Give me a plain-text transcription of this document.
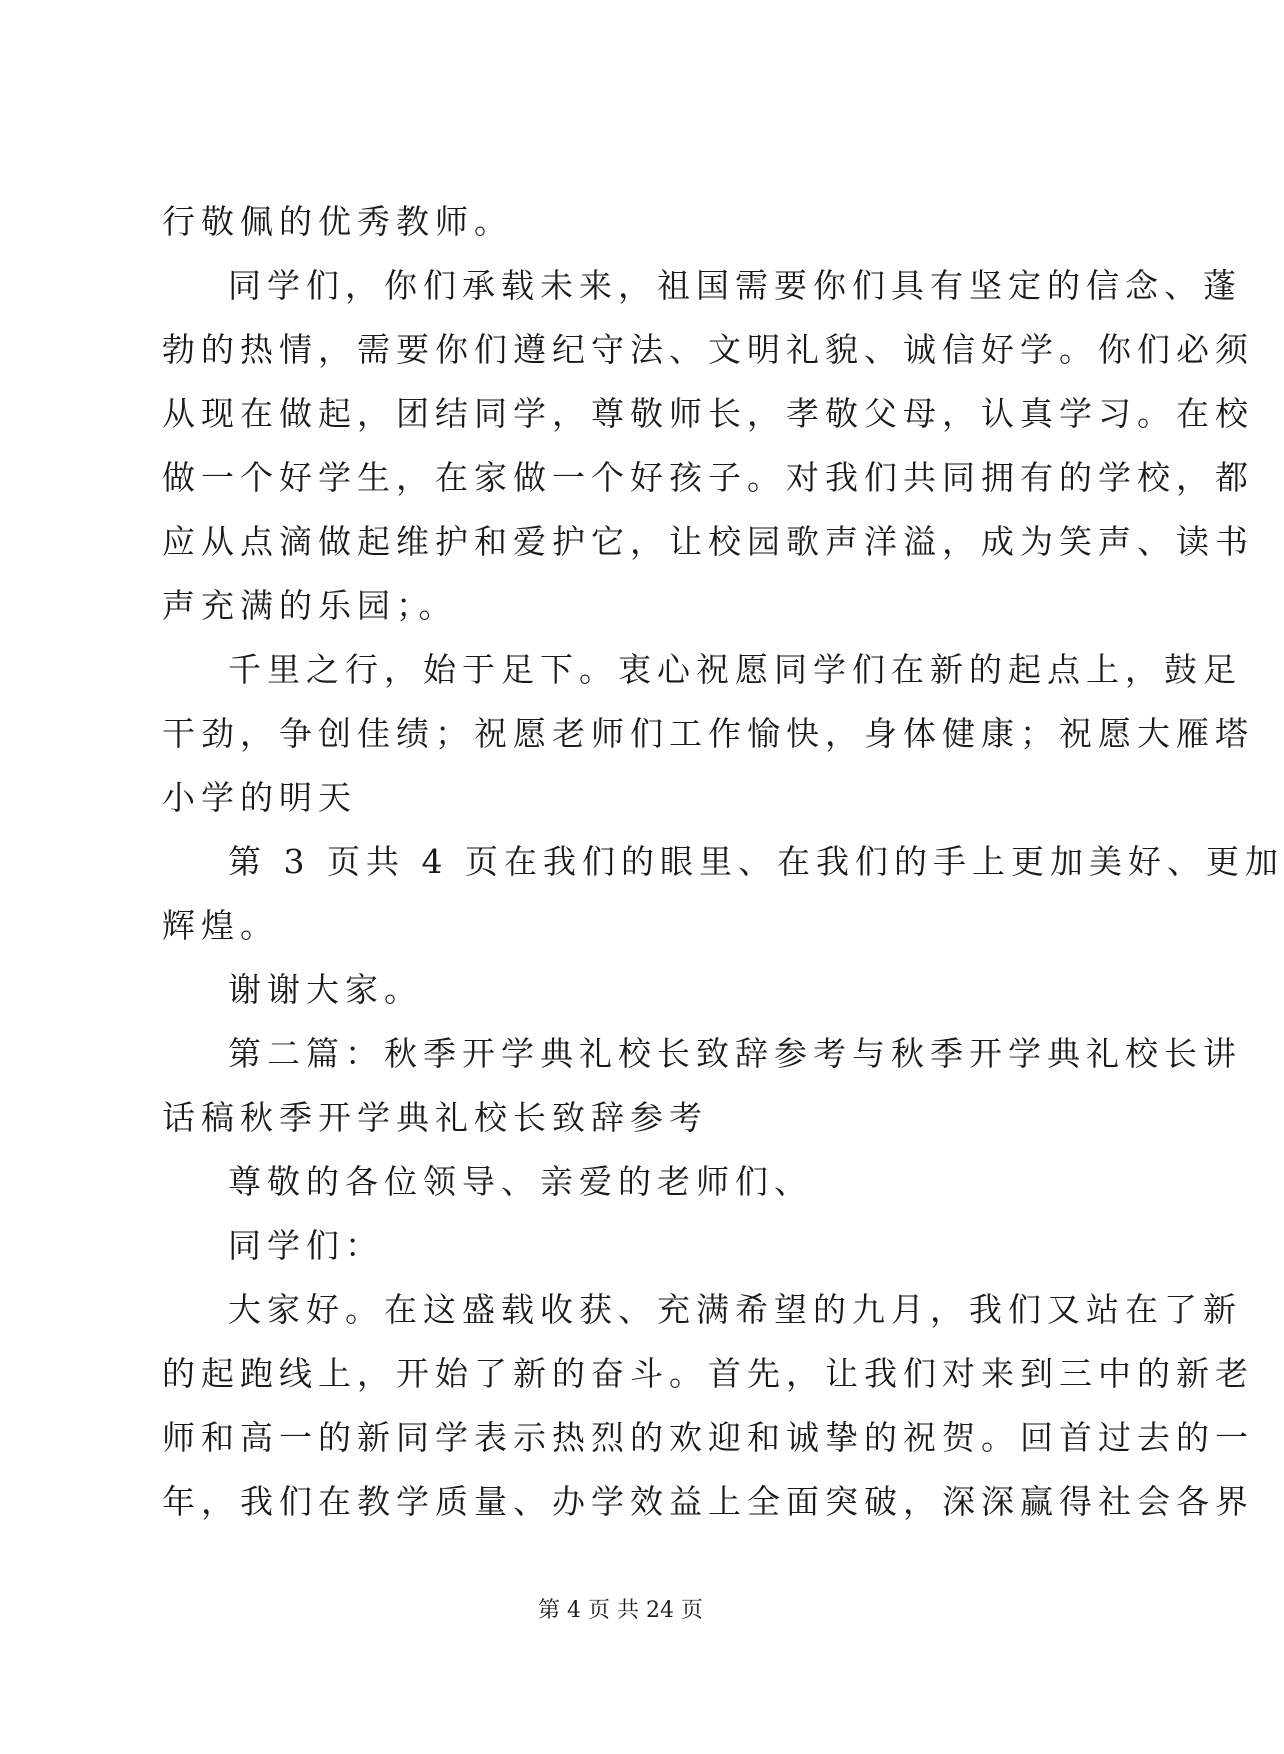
行敬佩的优秀教师。
同学们，你们承载未来，祖国需要你们具有坚定的信念、蓬
勃的热情，需要你们遵纪守法、文明礼貌、诚信好学。你们必须
从现在做起，团结同学，尊敬师长，孝敬父母，认真学习。在校
做一个好学生，在家做一个好孩子。对我们共同拥有的学校，都
应从点滴做起维护和爱护它，让校园歌声洋溢，成为笑声、读书
声充满的乐园；。
千里之行，始于足下。衷心祝愿同学们在新的起点上，鼓足
干劲，争创佳绩；祝愿老师们工作愉快，身体健康；祝愿大雁塔
小学的明天
第 3 页共 4 页在我们的眼里、在我们的手上更加美好、更加
辉煌。
谢谢大家。
第二篇：秋季开学典礼校长致辞参考与秋季开学典礼校长讲
话稿秋季开学典礼校长致辞参考
尊敬的各位领导、亲爱的老师们、
同学们：
大家好。在这盛载收获、充满希望的九月，我们又站在了新
的起跑线上，开始了新的奋斗。首先，让我们对来到三中的新老
师和高一的新同学表示热烈的欢迎和诚挚的祝贺。回首过去的一
年，我们在教学质量、办学效益上全面突破，深深赢得社会各界
第 4 页 共 24 页
